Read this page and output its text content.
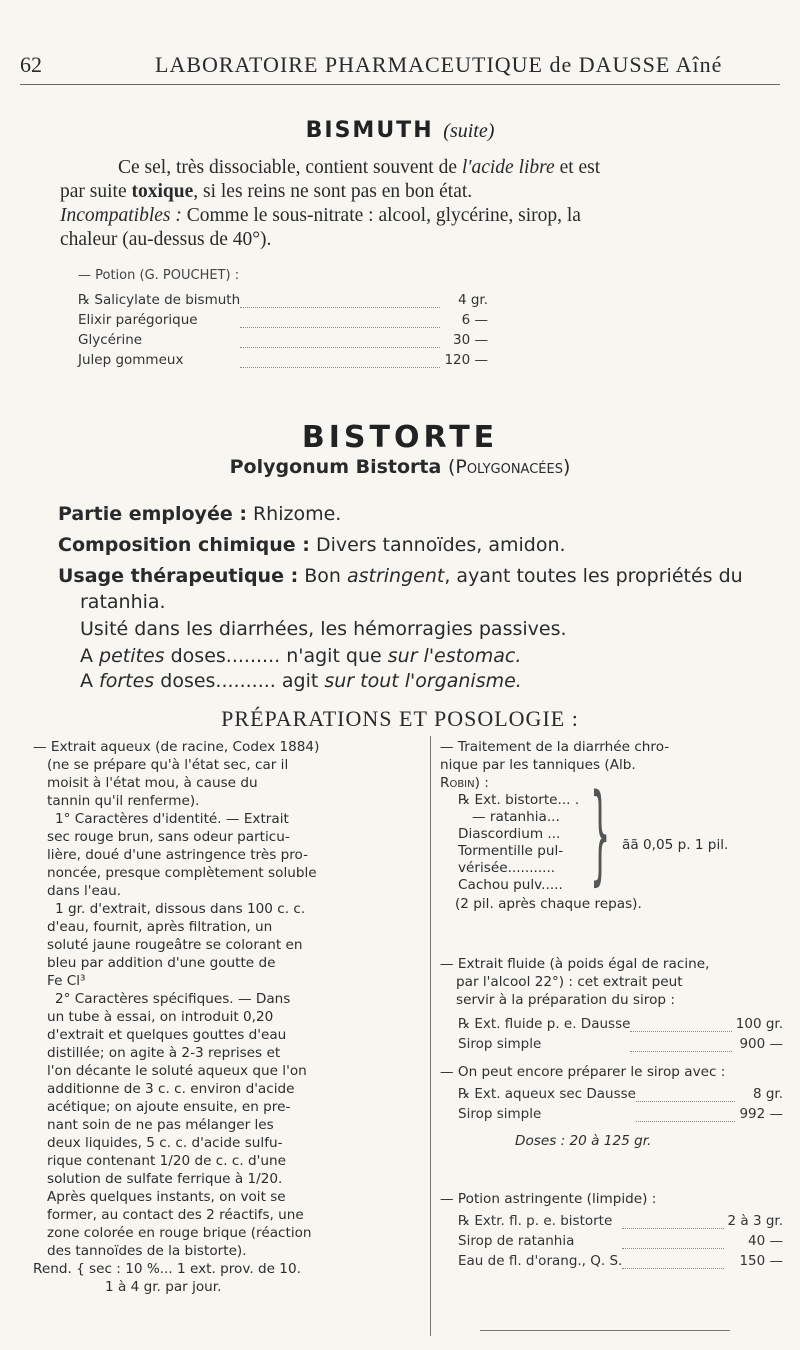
62	LABORATOIRE PHARMACEUTIQUE de DAUSSE Aîné
BISMUTH (suite)
Ce sel, très dissociable, contient souvent de l'acide libre et est
par suite toxique, si les reins ne sont pas en bon état.
Incompatibles : Comme le sous-nitrate : alcool, glycérine, sirop, la
chaleur (au-dessus de 40°).
— Potion (G. POUCHET) :
℞ Salicylate de bismuth		4 gr.
Elixir parégorique		6 —
Glycérine		30 —
Julep gommeux		120 —
BISTORTE
Polygonum Bistorta (Polygonacées)
Partie employée : Rhizome.
Composition chimique : Divers tannoïdes, amidon.
Usage thérapeutique : Bon astringent, ayant toutes les propriétés du
ratanhia.
Usité dans les diarrhées, les hémorragies passives.
A petites doses......... n'agit que sur l'estomac.
A fortes doses.......... agit sur tout l'organisme.
PRÉPARATIONS ET POSOLOGIE :
— Extrait aqueux (de racine, Codex 1884)
(ne se prépare qu'à l'état sec, car il
moisit à l'état mou, à cause du
tannin qu'il renferme).
1° Caractères d'identité. — Extrait
sec rouge brun, sans odeur particu-
lière, doué d'une astringence très pro-
noncée, presque complètement soluble
dans l'eau.
1 gr. d'extrait, dissous dans 100 c. c.
d'eau, fournit, après filtration, un
soluté jaune rougeâtre se colorant en
bleu par addition d'une goutte de
Fe Cl³
2° Caractères spécifiques. — Dans
un tube à essai, on introduit 0,20
d'extrait et quelques gouttes d'eau
distillée; on agite à 2-3 reprises et
l'on décante le soluté aqueux que l'on
additionne de 3 c. c. environ d'acide
acétique; on ajoute ensuite, en pre-
nant soin de ne pas mélanger les
deux liquides, 5 c. c. d'acide sulfu-
rique contenant 1/20 de c. c. d'une
solution de sulfate ferrique à 1/20.
Après quelques instants, on voit se
former, au contact des 2 réactifs, une
zone colorée en rouge brique (réaction
des tannoïdes de la bistorte).
Rend. { sec : 10 %... 1 ext. prov. de 10.
1 à 4 gr. par jour.
— Traitement de la diarrhée chro-
nique par les tanniques (Alb.
Robin) :
℞ Ext. bistorte... .
— ratanhia...
Diascordium ...
Tormentille pul-
vérisée...........
Cachou pulv..... } ãã 0,05 p. 1 pil.
(2 pil. après chaque repas).
— Extrait fluide (à poids égal de racine,
par l'alcool 22°) : cet extrait peut
servir à la préparation du sirop :
℞ Ext. fluide p. e. Dausse		100 gr.
Sirop simple		900 —
— On peut encore préparer le sirop avec :
℞ Ext. aqueux sec Dausse		8 gr.
Sirop simple		992 —
Doses : 20 à 125 gr.
— Potion astringente (limpide) :
℞ Extr. fl. p. e. bistorte		2 à 3 gr.
Sirop de ratanhia		40 —
Eau de fl. d'orang., Q. S.		150 —
